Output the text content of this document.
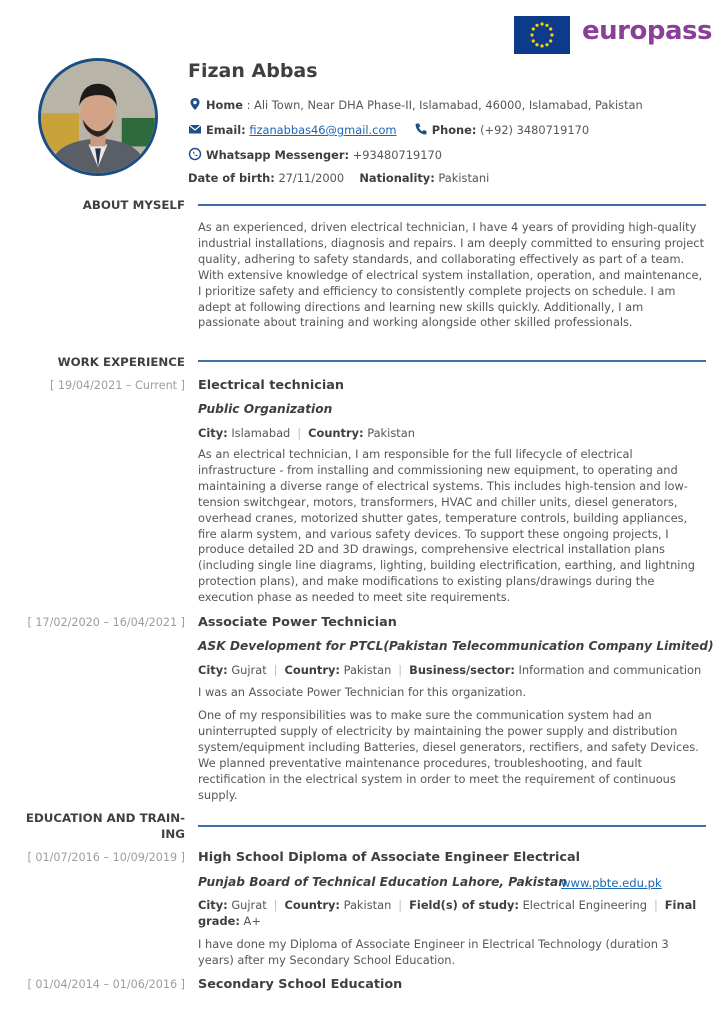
europass
Fizan Abbas
Home : Ali Town, Near DHA Phase-II, Islamabad, 46000, Islamabad, Pakistan
Email: fizanabbas46@gmail.com	Phone: (+92) 3480719170
Whatsapp Messenger: +93480719170
Date of birth: 27/11/2000 Nationality: Pakistani
ABOUT MYSELF
As an experienced, driven electrical technician, I have 4 years of providing high-quality industrial installations, diagnosis and repairs. I am deeply committed to ensuring project quality, adhering to safety standards, and collaborating effectively as part of a team. With extensive knowledge of electrical system installation, operation, and maintenance, I prioritize safety and efficiency to consistently complete projects on schedule. I am adept at following directions and learning new skills quickly. Additionally, I am passionate about training and working alongside other skilled professionals.
WORK EXPERIENCE
[ 19/04/2021 – Current ] Electrical technician
Public Organization
City: Islamabad | Country: Pakistan
As an electrical technician, I am responsible for the full lifecycle of electrical infrastructure - from installing and commissioning new equipment, to operating and maintaining a diverse range of electrical systems. This includes high-tension and low-tension switchgear, motors, transformers, HVAC and chiller units, diesel generators, overhead cranes, motorized shutter gates, temperature controls, building appliances, fire alarm system, and various safety devices. To support these ongoing projects, I produce detailed 2D and 3D drawings, comprehensive electrical installation plans (including single line diagrams, lighting, building electrification, earthing, and lightning protection plans), and make modifications to existing plans/drawings during the execution phase as needed to meet site requirements.
[ 17/02/2020 – 16/04/2021 ] Associate Power Technician
ASK Development for PTCL(Pakistan Telecommunication Company Limited)
City: Gujrat | Country: Pakistan | Business/sector: Information and communication
I was an Associate Power Technician for this organization.
One of my responsibilities was to make sure the communication system had an uninterrupted supply of electricity by maintaining the power supply and distribution system/equipment including Batteries, diesel generators, rectifiers, and safety Devices. We planned preventative maintenance procedures, troubleshooting, and fault rectification in the electrical system in order to meet the requirement of continuous supply.
EDUCATION AND TRAIN-
ING
[ 01/07/2016 – 10/09/2019 ] High School Diploma of Associate Engineer Electrical
Punjab Board of Technical Education Lahore, Pakistan
www.pbte.edu.pk
City: Gujrat | Country: Pakistan | Field(s) of study: Electrical Engineering | Final
grade: A+
I have done my Diploma of Associate Engineer in Electrical Technology (duration 3 years) after my Secondary School Education.
[ 01/04/2014 – 01/06/2016 ] Secondary School Education
